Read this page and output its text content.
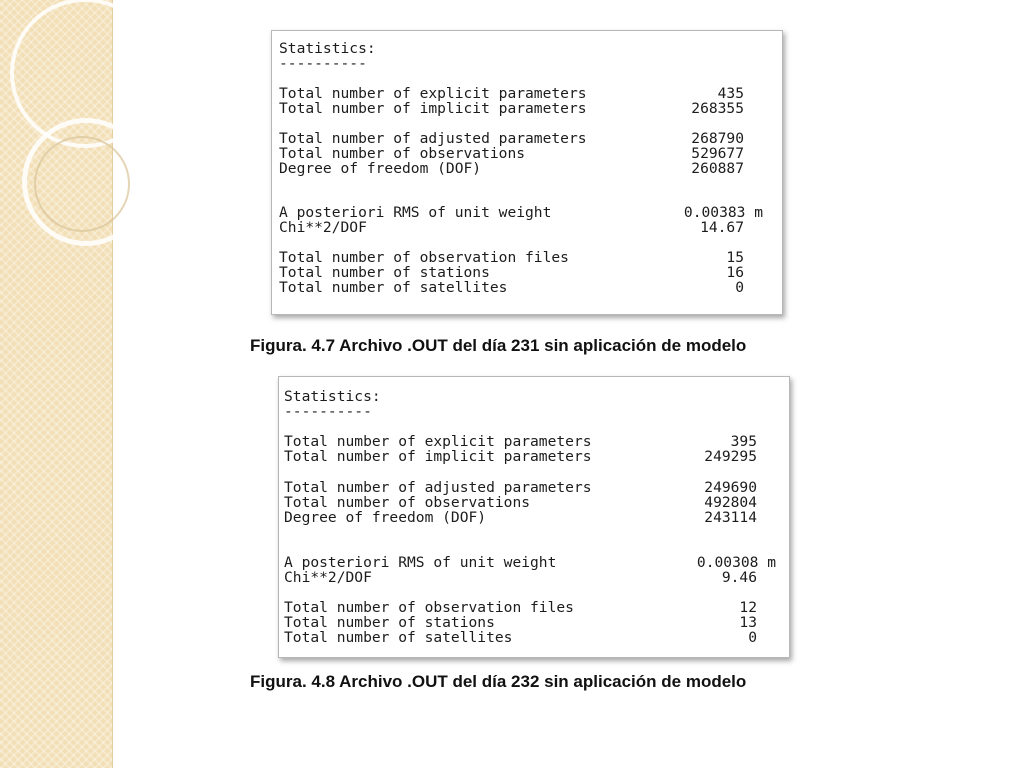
Statistics:
----------
Total number of explicit parameters	435
Total number of implicit parameters	268355
Total number of adjusted parameters	268790
Total number of observations	529677
Degree of freedom (DOF)	260887
A posteriori RMS of unit weight	0.00383 m
Chi**2/DOF	14.67
Total number of observation files	15
Total number of stations	16
Total number of satellites	0
Figura. 4.7 Archivo .OUT del día 231 sin aplicación de modelo
Statistics:
----------
Total number of explicit parameters	395
Total number of implicit parameters	249295
Total number of adjusted parameters	249690
Total number of observations	492804
Degree of freedom (DOF)	243114
A posteriori RMS of unit weight	0.00308 m
Chi**2/DOF	9.46
Total number of observation files	12
Total number of stations	13
Total number of satellites	0
Figura. 4.8 Archivo .OUT del día 232 sin aplicación de modelo
